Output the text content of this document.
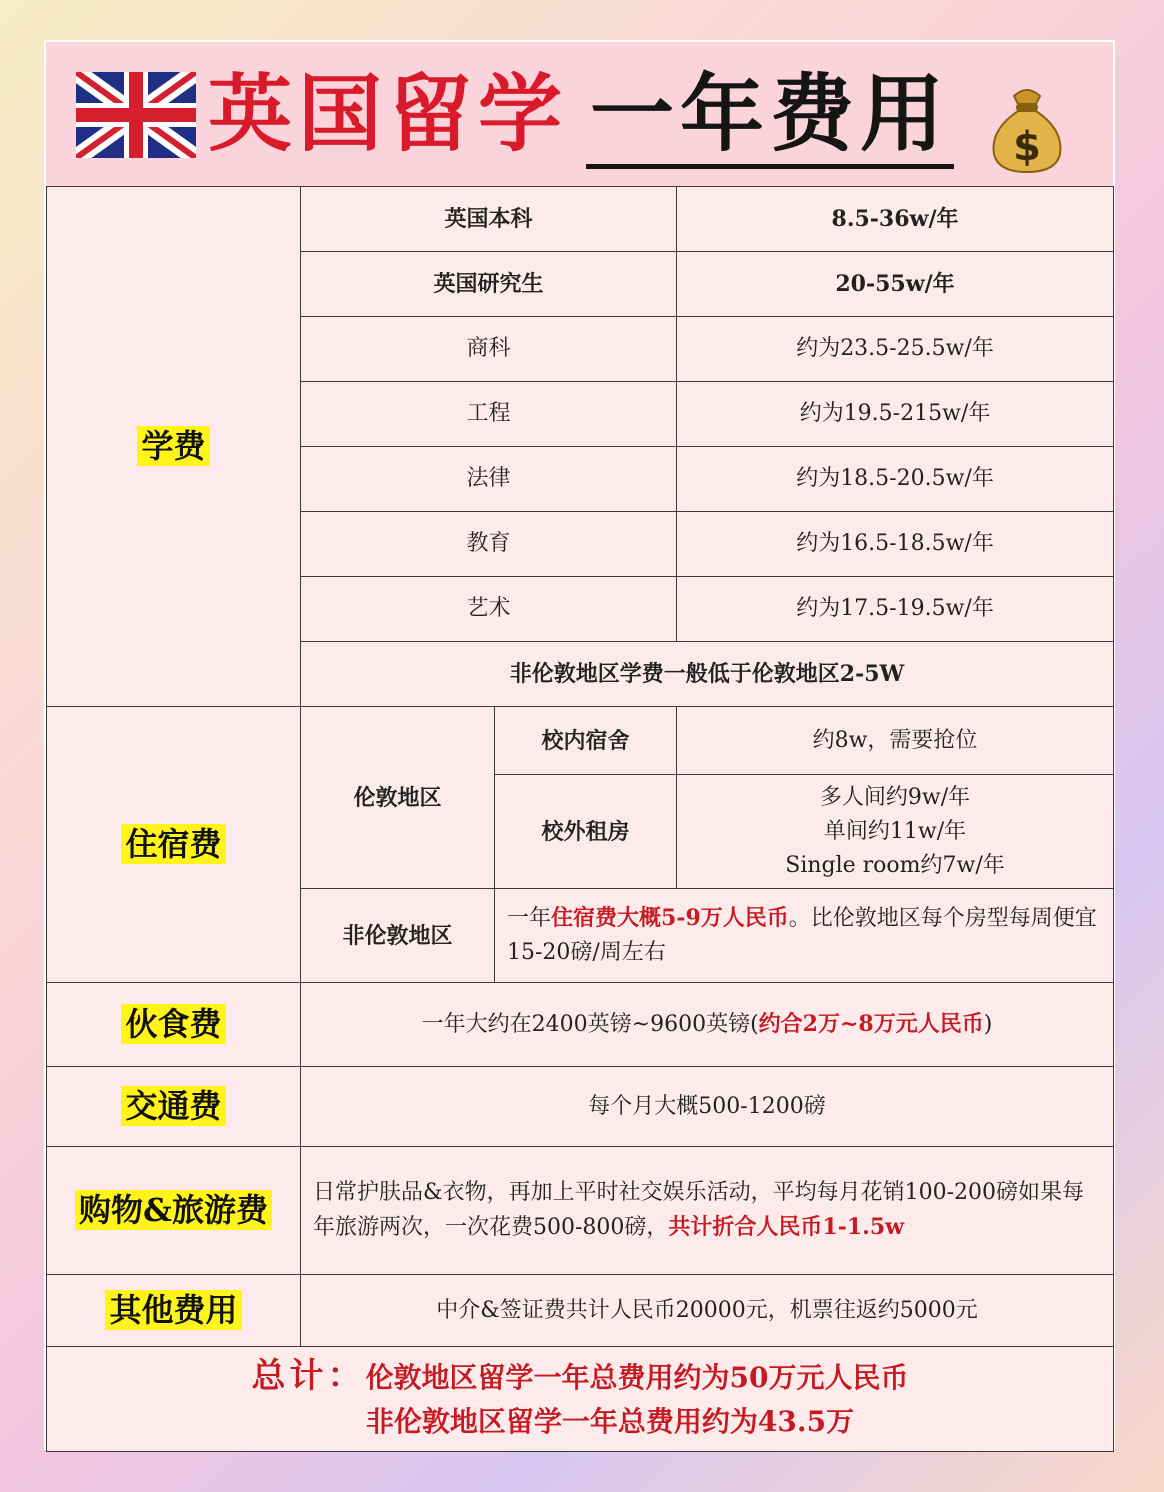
英国留学 一年费用 $
学费	英国本科		8.5-36w/年
	英国研究生		20-55w/年
	商科		约为23.5-25.5w/年
	工程		约为19.5-215w/年
	法律		约为18.5-20.5w/年
	教育		约为16.5-18.5w/年
	艺术		约为17.5-19.5w/年
	非伦敦地区学费一般低于伦敦地区2-5W		
住宿费	伦敦地区	校内宿舍	约8w，需要抢位
		校外租房	多人间约9w/年
单间约11w/年
Single room约7w/年

	非伦敦地区	一年住宿费大概5-9万人民币。比伦敦地区每个房型每周便宜15-20磅/周左右	
伙食费	一年大约在2400英镑~9600英镑(约合2万~8万元人民币)		
交通费	每个月大概500-1200磅		
购物&旅游费	日常护肤品&衣物，再加上平时社交娱乐活动，平均每月花销100-200磅如果每年旅游两次，一次花费500-800磅，共计折合人民币1-1.5w		
其他费用	中介&签证费共计人民币20000元，机票往返约5000元		

总计：伦敦地区留学一年总费用约为50万元人民币
非伦敦地区留学一年总费用约为43.5万			
